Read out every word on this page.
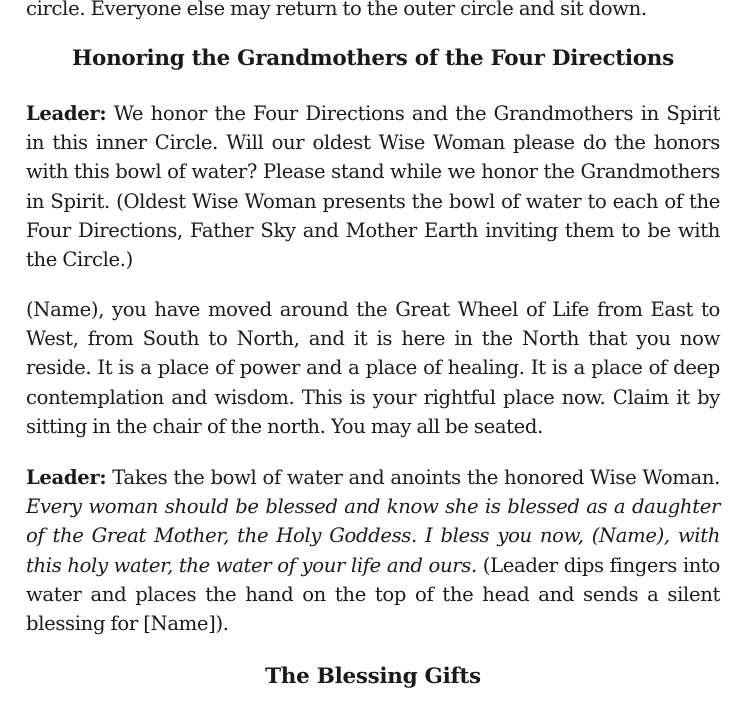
circle. Everyone else may return to the outer circle and sit down.
Honoring the Grandmothers of the Four Directions

Leader: We honor the Four Directions and the Grandmothers in Spirit in this inner Circle. Will our oldest Wise Woman please do the honors with this bowl of water? Please stand while we honor the Grandmothers in Spirit. (Oldest Wise Woman presents the bowl of water to each of the Four Directions, Father Sky and Mother Earth inviting them to be with the Circle.)

(Name), you have moved around the Great Wheel of Life from East to West, from South to North, and it is here in the North that you now reside. It is a place of power and a place of healing. It is a place of deep contemplation and wisdom. This is your rightful place now. Claim it by sitting in the chair of the north. You may all be seated.

Leader: Takes the bowl of water and anoints the honored Wise Woman. Every woman should be blessed and know she is blessed as a daughter of the Great Mother, the Holy Goddess. I bless you now, (Name), with this holy water, the water of your life and ours. (Leader dips fingers into water and places the hand on the top of the head and sends a silent blessing for [Name]).

The Blessing Gifts
